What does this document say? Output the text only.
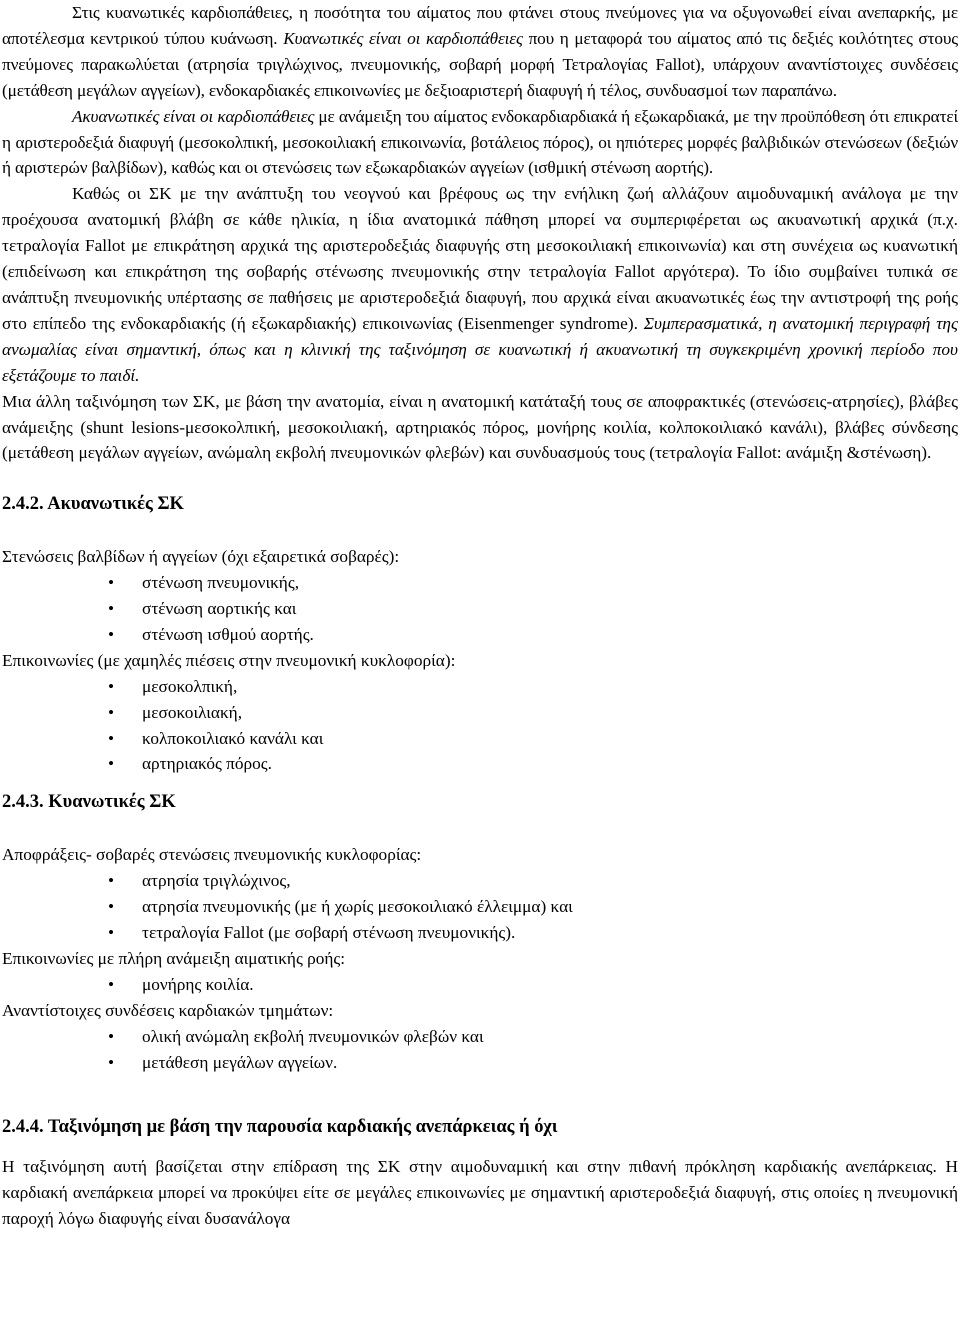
Στις κυανωτικές καρδιοπάθειες, η ποσότητα του αίματος που φτάνει στους πνεύμονες για να οξυγονωθεί είναι ανεπαρκής, με αποτέλεσμα κεντρικού τύπου κυάνωση. Κυανωτικές είναι οι καρδιοπάθειες που η μεταφορά του αίματος από τις δεξιές κοιλότητες στους πνεύμονες παρακωλύεται (ατρησία τριγλώχινος, πνευμονικής, σοβαρή μορφή Τετραλογίας Fallot), υπάρχουν αναντίστοιχες συνδέσεις (μετάθεση μεγάλων αγγείων), ενδοκαρδιακές επικοινωνίες με δεξιοαριστερή διαφυγή ή τέλος, συνδυασμοί των παραπάνω.

Ακυανωτικές είναι οι καρδιοπάθειες με ανάμειξη του αίματος ενδοκαρδιαρδιακά ή εξωκαρδιακά, με την προϋπόθεση ότι επικρατεί η αριστεροδεξιά διαφυγή (μεσοκολπική, μεσοκοιλιακή επικοινωνία, βοτάλειος πόρος), οι ηπιότερες μορφές βαλβιδικών στενώσεων (δεξιών ή αριστερών βαλβίδων), καθώς και οι στενώσεις των εξωκαρδιακών αγγείων (ισθμική στένωση αορτής).

Καθώς οι ΣΚ με την ανάπτυξη του νεογνού και βρέφους ως την ενήλικη ζωή αλλάζουν αιμοδυναμική ανάλογα με την προέχουσα ανατομική βλάβη σε κάθε ηλικία, η ίδια ανατομικά πάθηση μπορεί να συμπεριφέρεται ως ακυανωτική αρχικά (π.χ. τετραλογία Fallot με επικράτηση αρχικά της αριστεροδεξιάς διαφυγής στη μεσοκοιλιακή επικοινωνία) και στη συνέχεια ως κυανωτική (επιδείνωση και επικράτηση της σοβαρής στένωσης πνευμονικής στην τετραλογία Fallot αργότερα). Το ίδιο συμβαίνει τυπικά σε ανάπτυξη πνευμονικής υπέρτασης σε παθήσεις με αριστεροδεξιά διαφυγή, που αρχικά είναι ακυανωτικές έως την αντιστροφή της ροής στο επίπεδο της ενδοκαρδιακής (ή εξωκαρδιακής) επικοινωνίας (Eisenmenger syndrome). Συμπερασματικά, η ανατομική περιγραφή της ανωμαλίας είναι σημαντική, όπως και η κλινική της ταξινόμηση σε κυανωτική ή ακυανωτική τη συγκεκριμένη χρονική περίοδο που εξετάζουμε το παιδί.

Μια άλλη ταξινόμηση των ΣΚ, με βάση την ανατομία, είναι η ανατομική κατάταξή τους σε αποφρακτικές (στενώσεις-ατρησίες), βλάβες ανάμειξης (shunt lesions-μεσοκολπική, μεσοκοιλιακή, αρτηριακός πόρος, μονήρης κοιλία, κολποκοιλιακό κανάλι), βλάβες σύνδεσης (μετάθεση μεγάλων αγγείων, ανώμαλη εκβολή πνευμονικών φλεβών) και συνδυασμούς τους (τετραλογία Fallot: ανάμιξη &στένωση).

2.4.2. Ακυανωτικές ΣΚ

Στενώσεις βαλβίδων ή αγγείων (όχι εξαιρετικά σοβαρές):

• στένωση πνευμονικής,
• στένωση αορτικής και
• στένωση ισθμού αορτής.

Επικοινωνίες (με χαμηλές πιέσεις στην πνευμονική κυκλοφορία):

• μεσοκολπική,
• μεσοκοιλιακή,
• κολποκοιλιακό κανάλι και
• αρτηριακός πόρος.
2.4.3. Κυανωτικές ΣΚ

Αποφράξεις- σοβαρές στενώσεις πνευμονικής κυκλοφορίας:

• ατρησία τριγλώχινος,
• ατρησία πνευμονικής (με ή χωρίς μεσοκοιλιακό έλλειμμα) και
• τετραλογία Fallot (με σοβαρή στένωση πνευμονικής).

Επικοινωνίες με πλήρη ανάμειξη αιματικής ροής:

• μονήρης κοιλία.

Αναντίστοιχες συνδέσεις καρδιακών τμημάτων:

• ολική ανώμαλη εκβολή πνευμονικών φλεβών και
• μετάθεση μεγάλων αγγείων.
2.4.4. Ταξινόμηση με βάση την παρουσία καρδιακής ανεπάρκειας ή όχι

Η ταξινόμηση αυτή βασίζεται στην επίδραση της ΣΚ στην αιμοδυναμική και στην πιθανή πρόκληση καρδιακής ανεπάρκειας. Η καρδιακή ανεπάρκεια μπορεί να προκύψει είτε σε μεγάλες επικοινωνίες με σημαντική αριστεροδεξιά διαφυγή, στις οποίες η πνευμονική παροχή λόγω διαφυγής είναι δυσανάλογα
